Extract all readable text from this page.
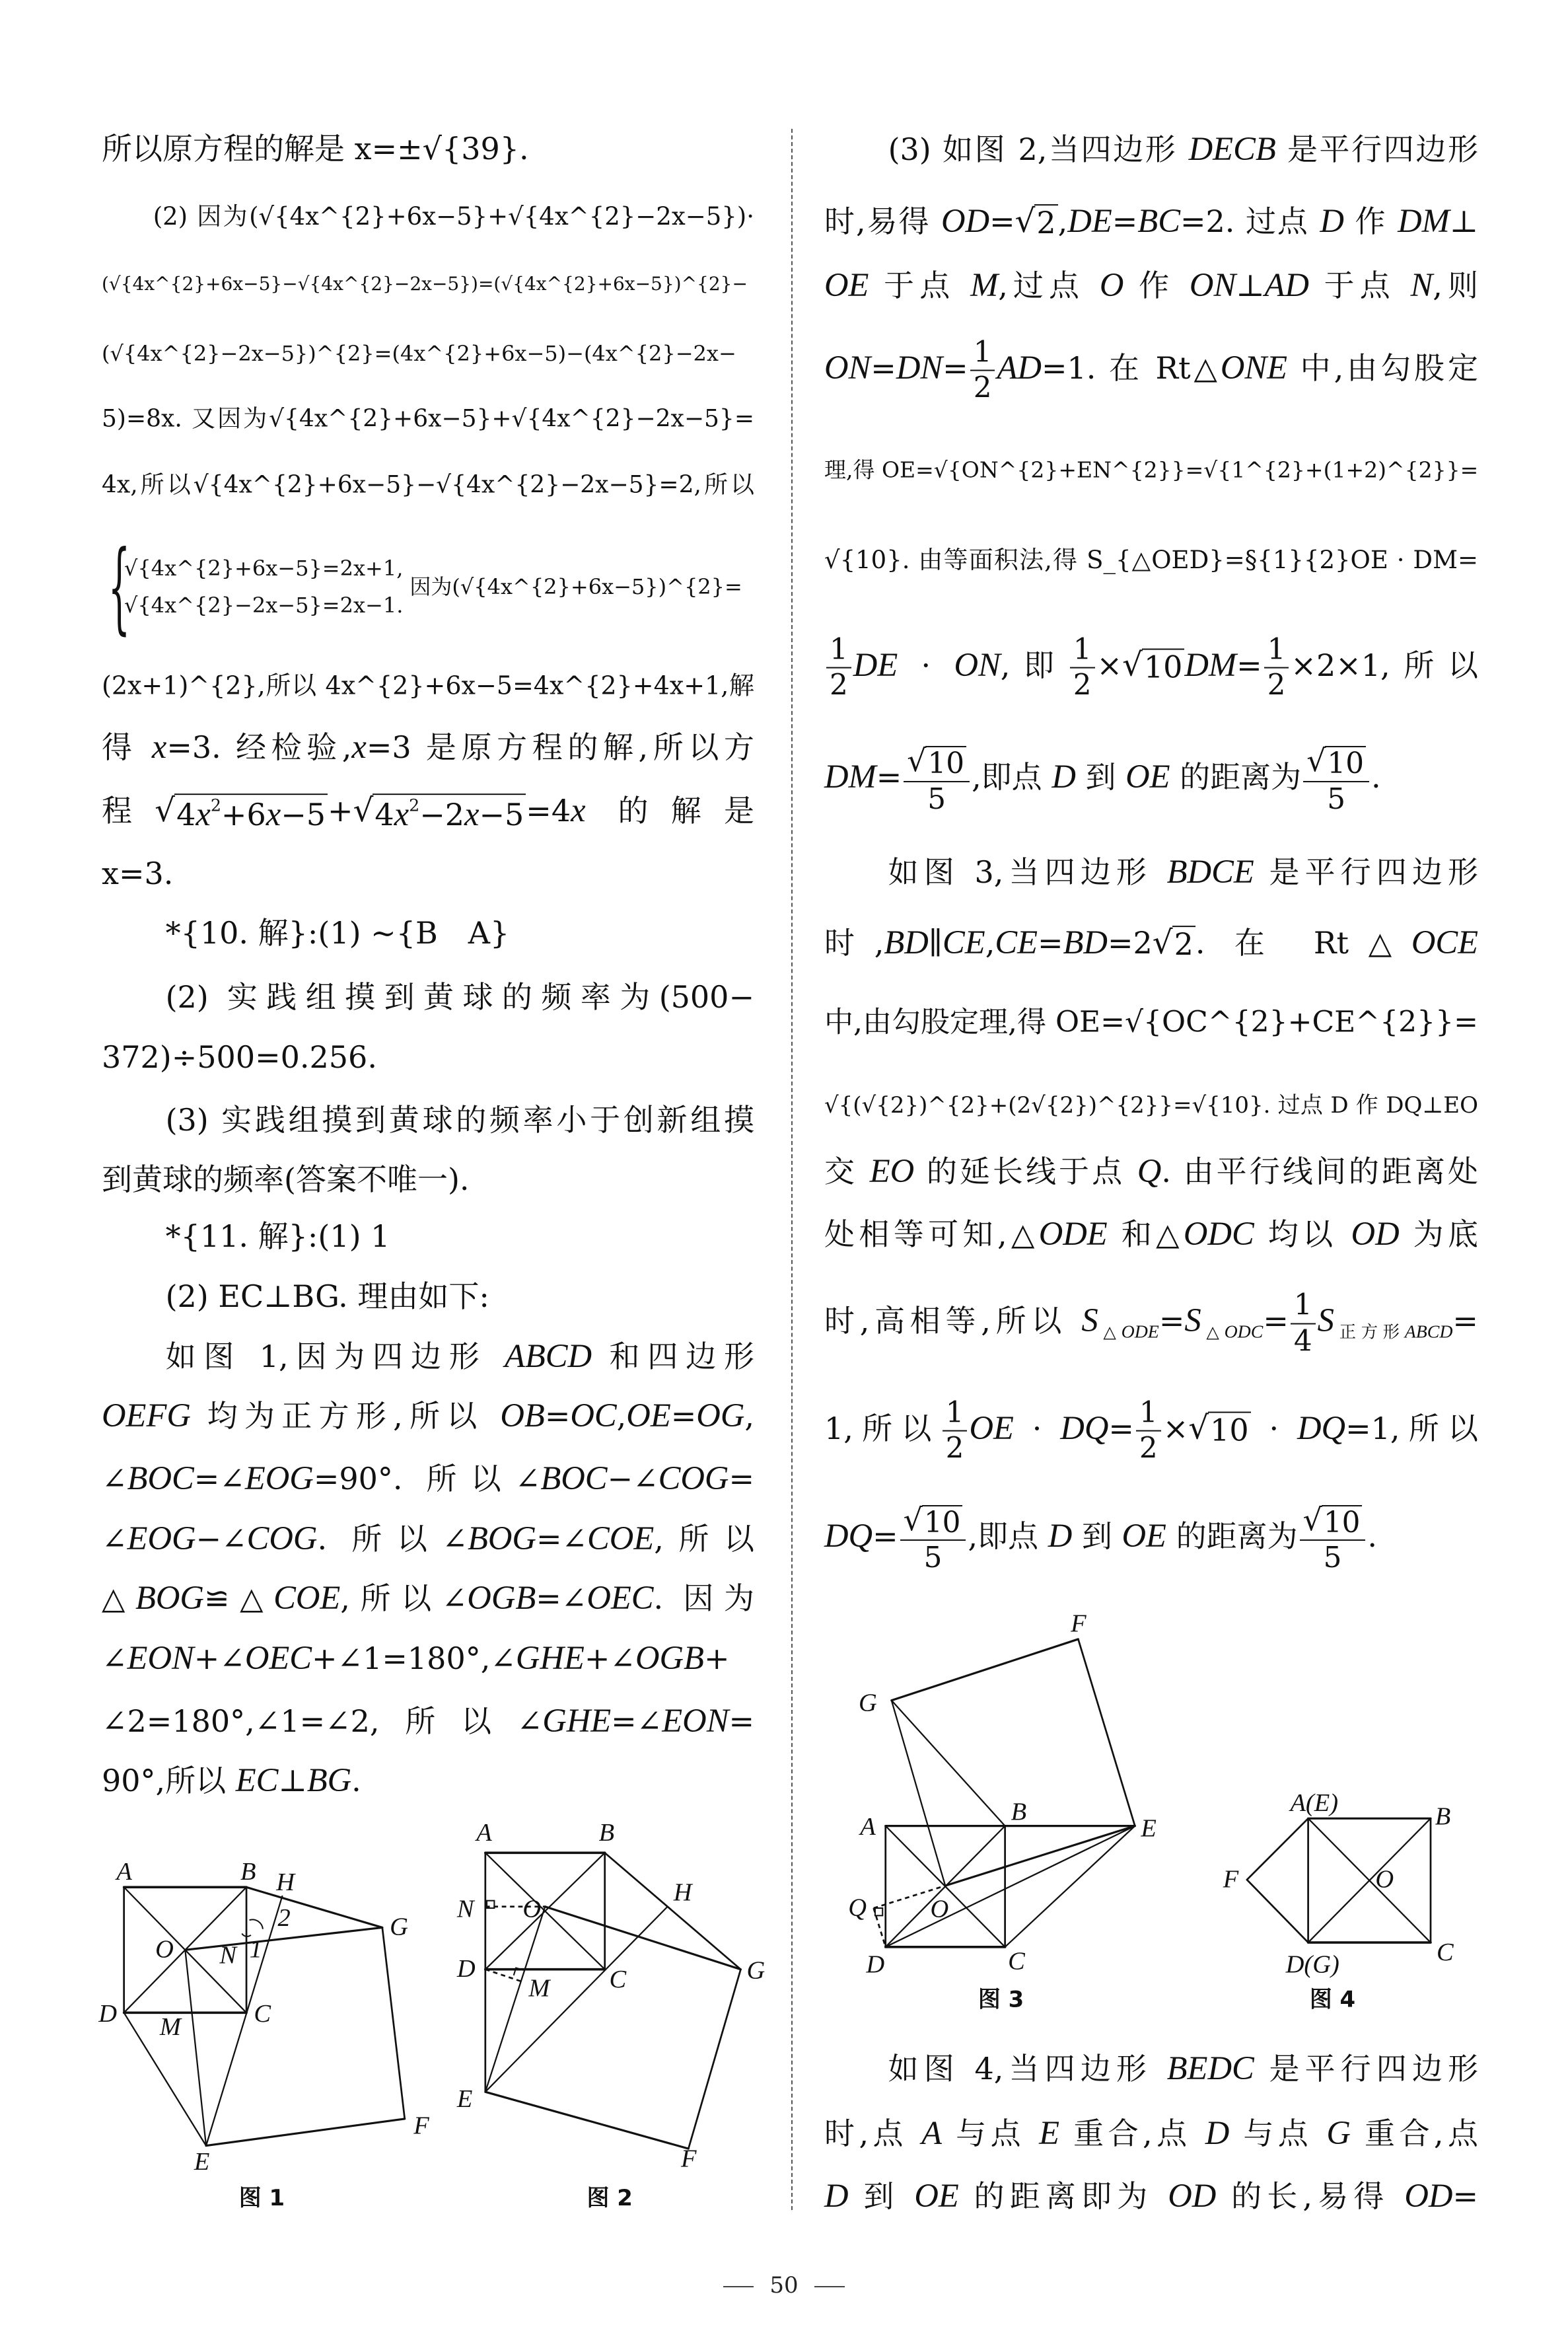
A	B H
G
F
E
D	C
O	N
M
1
2
图 1
A	B
N	O
D
M	C
H
G
E
F
图 2
G
F
A
B
E
Q	O
D	C
图 3
A(E)	B
F	O
C
D(G)
图 4
50
所以原方程的解是 x=±√{39}.
(2) 因为(√{4x^{2}+6x−5}+√{4x^{2}−2x−5})·
(√{4x^{2}+6x−5}−√{4x^{2}−2x−5})=(√{4x^{2}+6x−5})^{2}−
(√{4x^{2}−2x−5})^{2}=(4x^{2}+6x−5)−(4x^{2}−2x−
5)=8x. 又因为√{4x^{2}+6x−5}+√{4x^{2}−2x−5}=
4x,所以√{4x^{2}+6x−5}−√{4x^{2}−2x−5}=2,所以
{
√{4x^{2}+6x−5}=2x+1,
√{4x^{2}−2x−5}=2x−1.
因为(√{4x^{2}+6x−5})^{2}=
(2x+1)^{2},所以 4x^{2}+6x−5=4x^{2}+4x+1,解
得 x=3. 经检验,x=3 是原方程的解,所以方
程 √ $4x^2+6x-5$ + √ $4x^2-2x-5 =4x$ 的解是
x=3.
*{10. 解}:(1) ~{B　A}
(2) 实践组摸到黄球的频率为(500−
372)÷500=0.256.
(3) 实践组摸到黄球的频率小于创新组摸
到黄球的频率(答案不唯一).
*{11. 解}:(1) 1
(2) EC⊥BG. 理由如下:
如图 1,因为四边形 ABCD 和四边形
OEFG 均为正方形,所以 OB=OC,OE=OG,
∠BOC=∠EOG=90°. 所以∠BOC−∠COG=
∠EOG−∠COG. 所以∠BOG=∠COE,所以
△BOG≌△COE,所以∠OGB=∠OEC. 因为
∠EON+∠OEC+∠1=180°,∠GHE+∠OGB+
∠2=180°,∠1=∠2,所以∠GHE=∠EON=
90°,所以 EC⊥BG.
(3) 如图 2,当四边形 DECB 是平行四边形
时,易得 OD= √ 2 ,DE=BC=2. 过点 D 作 DM⊥
OE 于点 M,过点 O 作 ON⊥AD 于点 N,则
$ON=DN= \frac{1}{2} AD=1$. 在 Rt△ONE 中,由勾股定
理,得 OE=√{ON^{2}+EN^{2}}=√{1^{2}+(1+2)^{2}}=
√{10}. 由等面积法,得 S_{△OED}=§{1}{2}OE · DM=
$\frac{1}{2}$ DE · ON,即 $\frac{1}{2}$ × √ 10 $DM= \frac{1}{2} \times 2\times 1$,所以
$DM= \frac{√ 10}{5}$ ,即点 D 到 OE 的距离为 $\frac{√ 10}{5}$ .
如图 3,当四边形 BDCE 是平行四边形
时,BD∥CE,CE=BD=2 √ 2 . 在 Rt△OCE
中,由勾股定理,得 OE=√{OC^{2}+CE^{2}}=
√{(√{2})^{2}+(2√{2})^{2}}=√{10}. 过点 D 作 DQ⊥EO
交 EO 的延长线于点 Q. 由平行线间的距离处
处相等可知,△ODE 和△ODC 均以 OD 为底
时,高相等,所以 $S_{\triangle ODE}=S_{\triangle ODC}= \frac{1}{4} S_{正方形ABCD}=$
1,所以 $\frac{1}{2}$ OE · $DQ= \frac{1}{2}$ × √ 10 · DQ=1,所以
$DQ= \frac{√ 10}{5}$ ,即点 D 到 OE 的距离为 $\frac{√ 10}{5}$ .
如图 4,当四边形 BEDC 是平行四边形
时,点 A 与点 E 重合,点 D 与点 G 重合,点
D 到 OE 的距离即为 OD 的长,易得 OD=
